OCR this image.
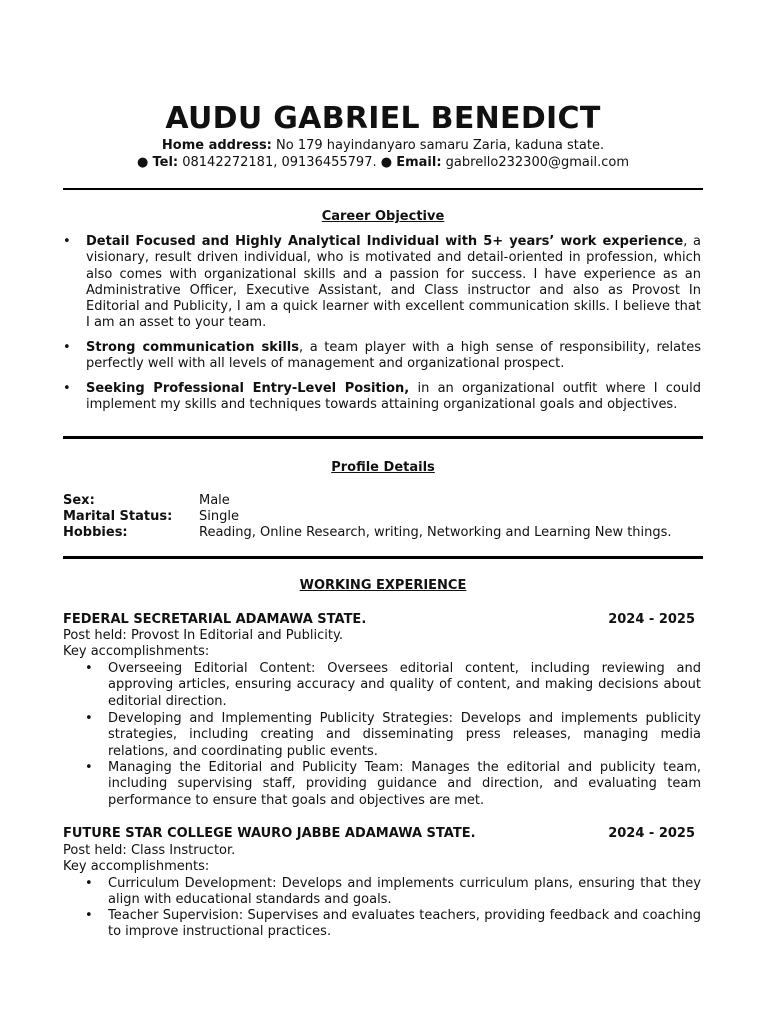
AUDU GABRIEL BENEDICT
Home address: No 179 hayindanyaro samaru Zaria, kaduna state.
● Tel: 08142272181, 09136455797. ● Email: gabrello232300@gmail.com
Career Objective
• Detail Focused and Highly Analytical Individual with 5+ years’ work experience, a visionary, result driven individual, who is motivated and detail-oriented in profession, which also comes with organizational skills and a passion for success. I have experience as an Administrative Officer, Executive Assistant, and Class instructor and also as Provost In Editorial and Publicity, I am a quick learner with excellent communication skills. I believe that I am an asset to your team.
• Strong communication skills, a team player with a high sense of responsibility, relates perfectly well with all levels of management and organizational prospect.
• Seeking Professional Entry-Level Position, in an organizational outfit where I could implement my skills and techniques towards attaining organizational goals and objectives.
Profile Details
Sex:	Male
Marital Status: Single
Hobbies:	Reading, Online Research, writing, Networking and Learning New things.
WORKING EXPERIENCE
FEDERAL SECRETARIAL ADAMAWA STATE.	2024 - 2025
Post held: Provost In Editorial and Publicity.
Key accomplishments:
• Overseeing Editorial Content: Oversees editorial content, including reviewing and approving articles, ensuring accuracy and quality of content, and making decisions about editorial direction.
• Developing and Implementing Publicity Strategies: Develops and implements publicity strategies, including creating and disseminating press releases, managing media relations, and coordinating public events.
• Managing the Editorial and Publicity Team: Manages the editorial and publicity team, including supervising staff, providing guidance and direction, and evaluating team performance to ensure that goals and objectives are met.
FUTURE STAR COLLEGE WAURO JABBE ADAMAWA STATE.	2024 - 2025
Post held: Class Instructor.
Key accomplishments:
• Curriculum Development: Develops and implements curriculum plans, ensuring that they align with educational standards and goals.
• Teacher Supervision: Supervises and evaluates teachers, providing feedback and coaching to improve instructional practices.
